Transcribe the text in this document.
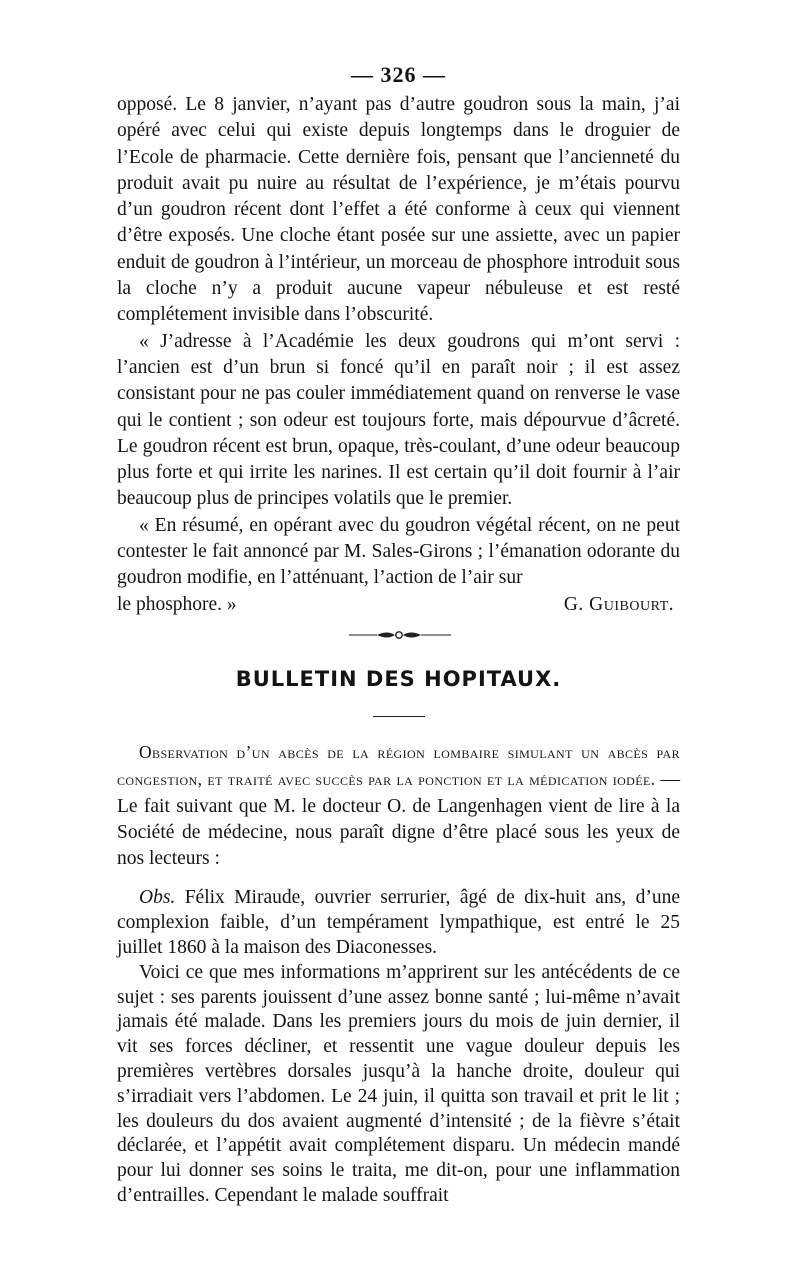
— 326 —

opposé. Le 8 janvier, n’ayant pas d’autre goudron sous la main, j’ai opéré avec celui qui existe depuis longtemps dans le droguier de l’Ecole de pharmacie. Cette dernière fois, pensant que l’ancienneté du produit avait pu nuire au résultat de l’expérience, je m’étais pourvu d’un goudron récent dont l’effet a été conforme à ceux qui viennent d’être exposés. Une cloche étant posée sur une assiette, avec un papier enduit de goudron à l’intérieur, un morceau de phosphore introduit sous la cloche n’y a produit aucune vapeur nébuleuse et est resté complétement invisible dans l’obscurité.

« J’adresse à l’Académie les deux goudrons qui m’ont servi : l’ancien est d’un brun si foncé qu’il en paraît noir ; il est assez consistant pour ne pas couler immédiatement quand on renverse le vase qui le contient ; son odeur est toujours forte, mais dépourvue d’âcreté. Le goudron récent est brun, opaque, très-coulant, d’une odeur beaucoup plus forte et qui irrite les narines. Il est certain qu’il doit fournir à l’air beaucoup plus de principes volatils que le premier.

« En résumé, en opérant avec du goudron végétal récent, on ne peut contester le fait annoncé par M. Sales-Girons ; l’émanation odorante du goudron modifie, en l’atténuant, l’action de l’air sur

le phosphore. »	G. Guibourt.
BULLETIN DES HOPITAUX.

Observation d’un abcès de la région lombaire simulant un abcès par congestion, et traité avec succès par la ponction et la médication iodée. — Le fait suivant que M. le docteur O. de Langenhagen vient de lire à la Société de médecine, nous paraît digne d’être placé sous les yeux de nos lecteurs :

Obs. Félix Miraude, ouvrier serrurier, âgé de dix-huit ans, d’une complexion faible, d’un tempérament lympathique, est entré le 25 juillet 1860 à la maison des Diaconesses.

Voici ce que mes informations m’apprirent sur les antécédents de ce sujet : ses parents jouissent d’une assez bonne santé ; lui-même n’avait jamais été malade. Dans les premiers jours du mois de juin dernier, il vit ses forces décliner, et ressentit une vague douleur depuis les premières vertèbres dorsales jusqu’à la hanche droite, douleur qui s’irradiait vers l’abdomen. Le 24 juin, il quitta son travail et prit le lit ; les douleurs du dos avaient augmenté d’intensité ; de la fièvre s’était déclarée, et l’appétit avait complétement disparu. Un médecin mandé pour lui donner ses soins le traita, me dit-on, pour une inflammation d’entrailles. Cependant le malade souffrait
